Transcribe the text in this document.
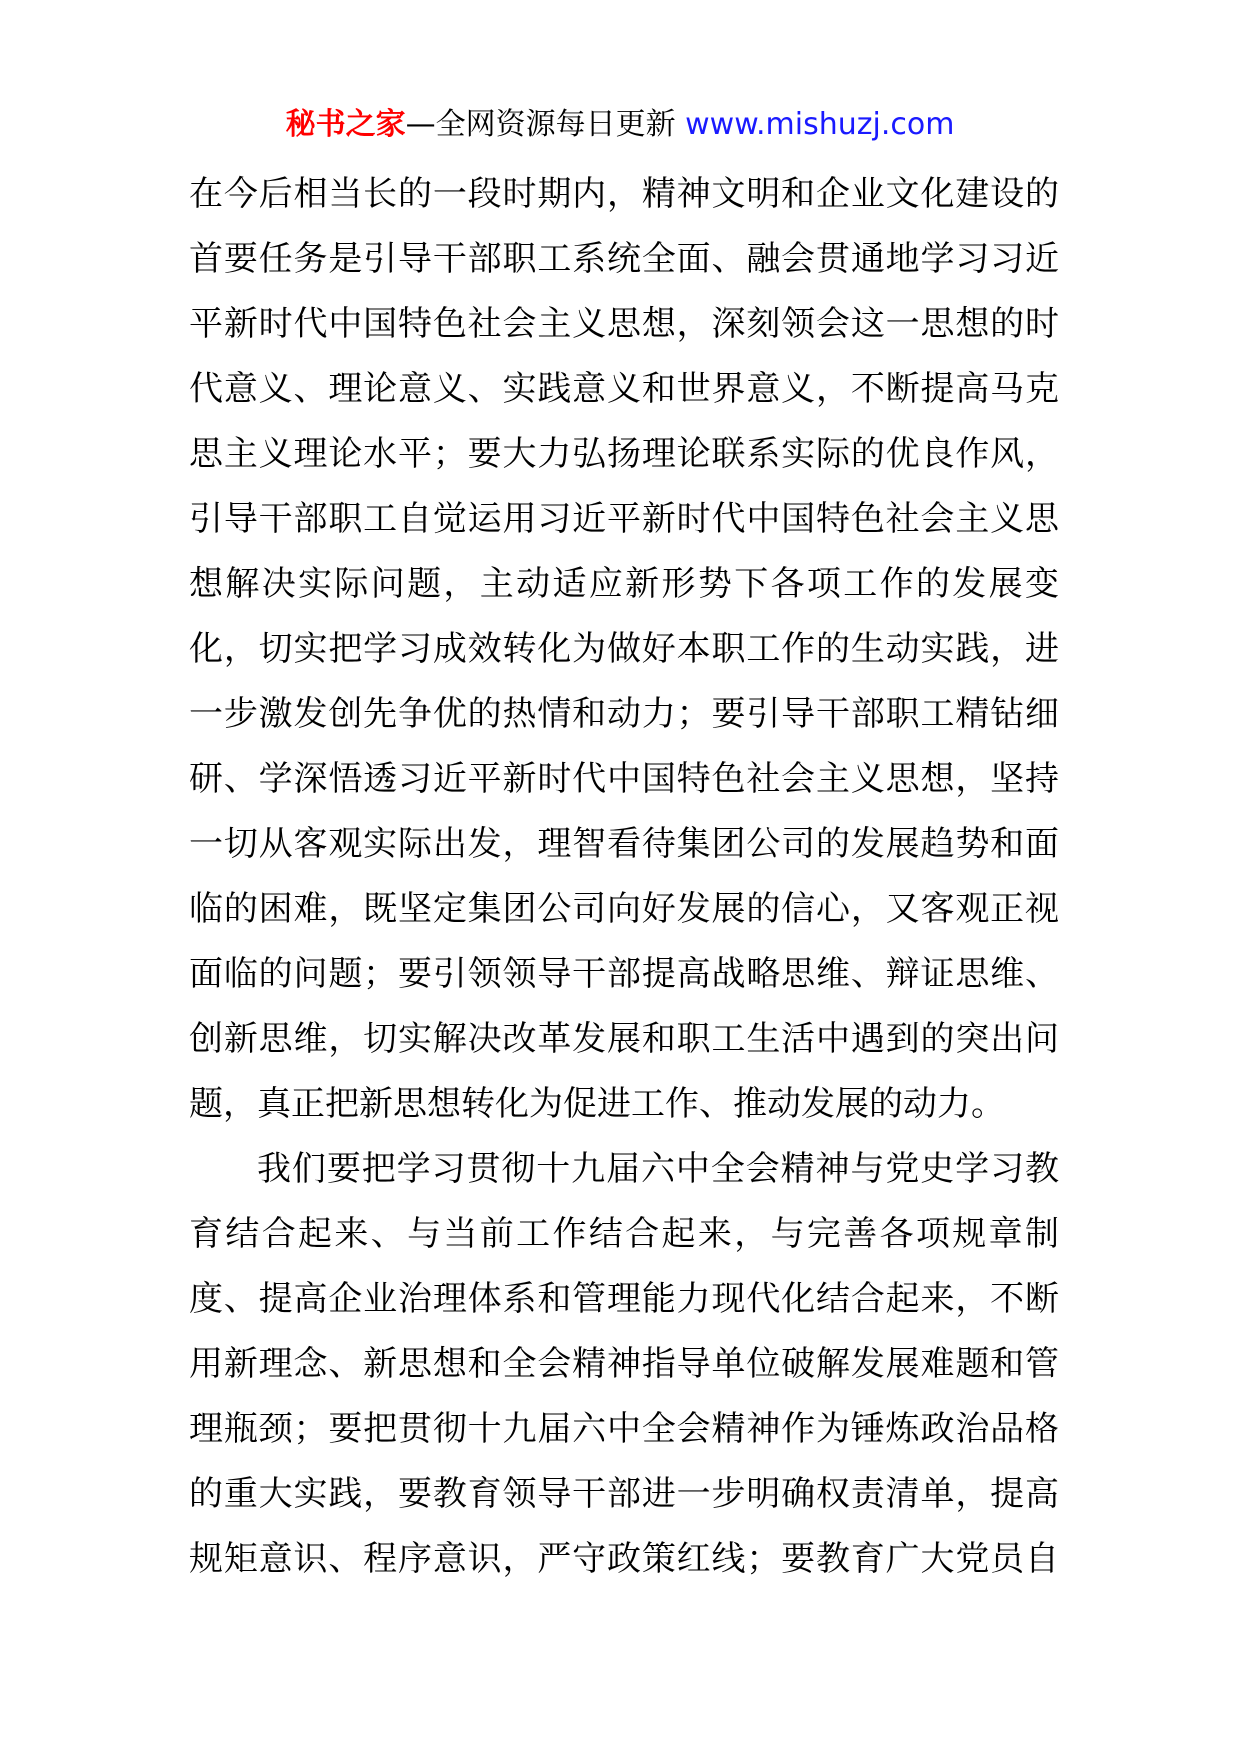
秘书之家—全网资源每日更新 www.mishuzj.com
在今后相当长的一段时期内，精神文明和企业文化建设的
首要任务是引导干部职工系统全面、融会贯通地学习习近
平新时代中国特色社会主义思想，深刻领会这一思想的时
代意义、理论意义、实践意义和世界意义，不断提高马克
思主义理论水平；要大力弘扬理论联系实际的优良作风，
引导干部职工自觉运用习近平新时代中国特色社会主义思
想解决实际问题，主动适应新形势下各项工作的发展变
化，切实把学习成效转化为做好本职工作的生动实践，进
一步激发创先争优的热情和动力；要引导干部职工精钻细
研、学深悟透习近平新时代中国特色社会主义思想，坚持
一切从客观实际出发，理智看待集团公司的发展趋势和面
临的困难，既坚定集团公司向好发展的信心，又客观正视
面临的问题；要引领领导干部提高战略思维、辩证思维、
创新思维，切实解决改革发展和职工生活中遇到的突出问
题，真正把新思想转化为促进工作、推动发展的动力。
我们要把学习贯彻十九届六中全会精神与党史学习教
育结合起来、与当前工作结合起来，与完善各项规章制
度、提高企业治理体系和管理能力现代化结合起来，不断
用新理念、新思想和全会精神指导单位破解发展难题和管
理瓶颈；要把贯彻十九届六中全会精神作为锤炼政治品格
的重大实践，要教育领导干部进一步明确权责清单，提高
规矩意识、程序意识，严守政策红线；要教育广大党员自
